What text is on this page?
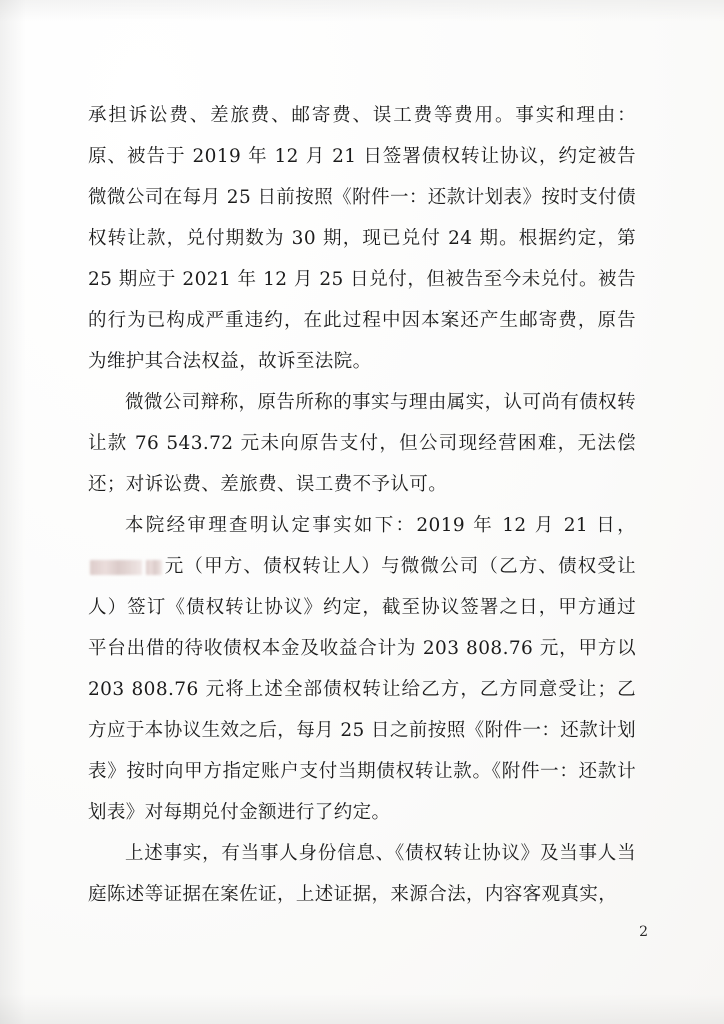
承担诉讼费、差旅费、邮寄费、误工费等费用。事实和理由：原、被告于 2019 年 12 月 21 日签署债权转让协议，约定被告微微公司在每月 25 日前按照《附件一：还款计划表》按时支付债权转让款，兑付期数为 30 期，现已兑付 24 期。根据约定，第 25 期应于 2021 年 12 月 25 日兑付，但被告至今未兑付。被告的行为已构成严重违约，在此过程中因本案还产生邮寄费，原告为维护其合法权益，故诉至法院。

微微公司辩称，原告所称的事实与理由属实，认可尚有债权转让款 76 543.72 元未向原告支付，但公司现经营困难，无法偿还；对诉讼费、差旅费、误工费不予认可。

本院经审理查明认定事实如下：2019 年 12 月 21 日，元（甲方、债权转让人）与微微公司（乙方、债权受让人）签订《债权转让协议》约定，截至协议签署之日，甲方通过平台出借的待收债权本金及收益合计为 203 808.76 元，甲方以 203 808.76 元将上述全部债权转让给乙方，乙方同意受让；乙方应于本协议生效之后，每月 25 日之前按照《附件一：还款计划表》按时向甲方指定账户支付当期债权转让款。《附件一：还款计划表》对每期兑付金额进行了约定。

上述事实，有当事人身份信息、《债权转让协议》及当事人当庭陈述等证据在案佐证，上述证据，来源合法，内容客观真实，

2
